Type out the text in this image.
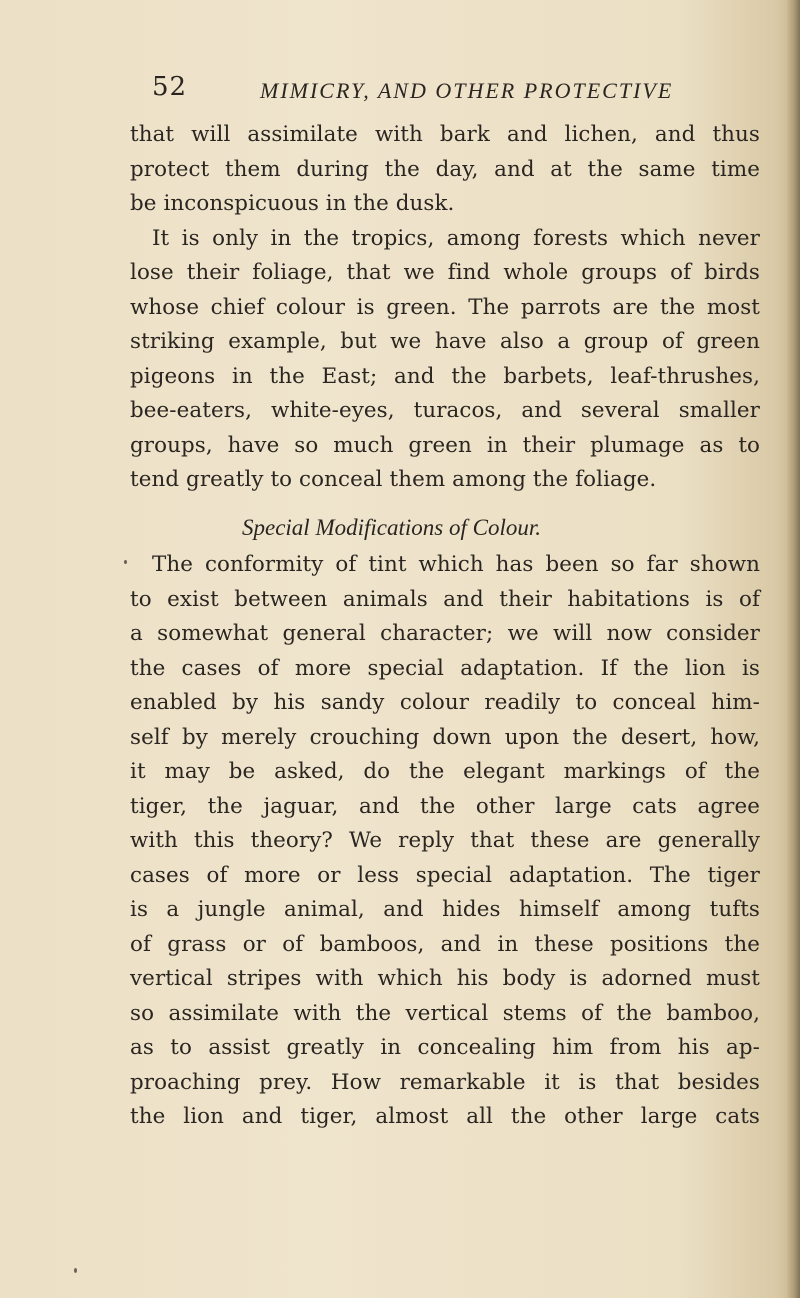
52	MIMICRY, AND OTHER PROTECTIVE
that will assimilate with bark and lichen, and thus
protect them during the day, and at the same time
be inconspicuous in the dusk.
It is only in the tropics, among forests which never
lose their foliage, that we find whole groups of birds
whose chief colour is green. The parrots are the most
striking example, but we have also a group of green
pigeons in the East; and the barbets, leaf-thrushes,
bee-eaters, white-eyes, turacos, and several smaller
groups, have so much green in their plumage as to
tend greatly to conceal them among the foliage.
Special Modifications of Colour.
The conformity of tint which has been so far shown
to exist between animals and their habitations is of
a somewhat general character; we will now consider
the cases of more special adaptation. If the lion is
enabled by his sandy colour readily to conceal him-
self by merely crouching down upon the desert, how,
it may be asked, do the elegant markings of the
tiger, the jaguar, and the other large cats agree
with this theory? We reply that these are generally
cases of more or less special adaptation. The tiger
is a jungle animal, and hides himself among tufts
of grass or of bamboos, and in these positions the
vertical stripes with which his body is adorned must
so assimilate with the vertical stems of the bamboo,
as to assist greatly in concealing him from his ap-
proaching prey. How remarkable it is that besides
the lion and tiger, almost all the other large cats
